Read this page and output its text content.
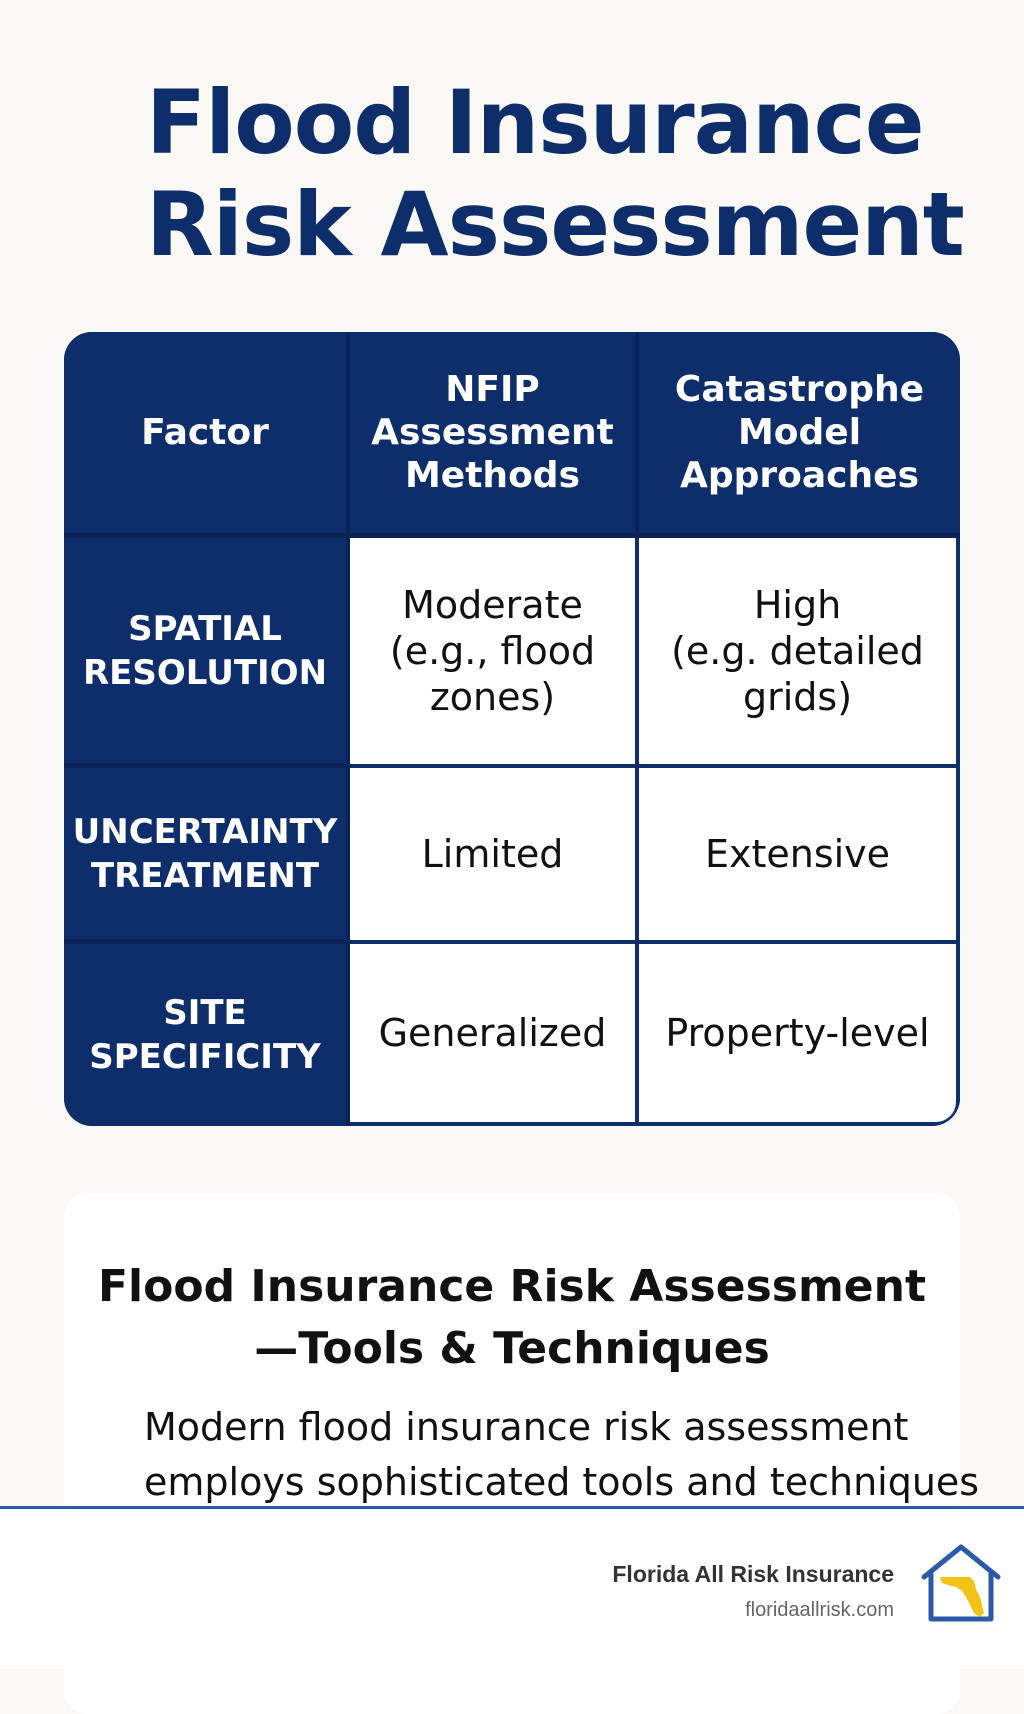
Flood Insurance
Risk Assessment
Factor
NFIP
Assessment
Methods
Catastrophe
Model
Approaches
SPATIAL
RESOLUTION
Moderate
(e.g., flood
zones)
High
(e.g. detailed
grids)
UNCERTAINTY
TREATMENT	Limited	Extensive
SITE
SPECIFICITY
Generalized Property-level
Flood Insurance Risk Assessment
—Tools & Techniques
Modern flood insurance risk assessment
employs sophisticated tools and techniques
Florida All Risk Insurance
floridaallrisk.com
